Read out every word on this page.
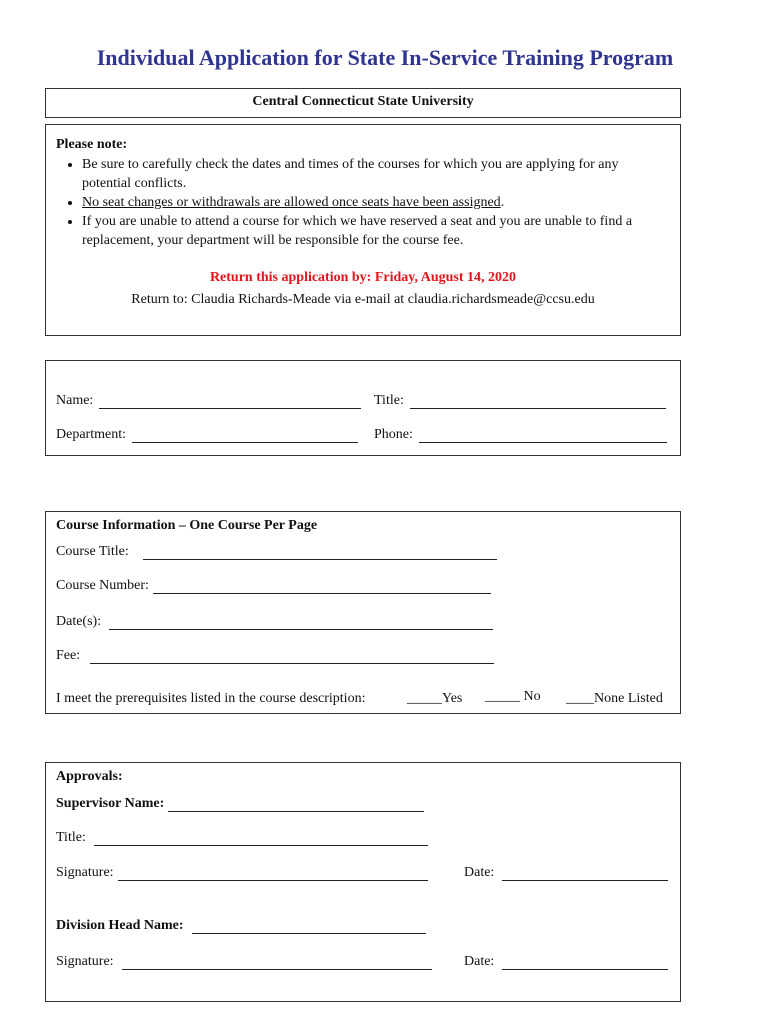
Individual Application for State In-Service Training Program
Central Connecticut State University
Please note:
• Be sure to carefully check the dates and times of the courses for which you are applying for any potential conflicts.
• No seat changes or withdrawals are allowed once seats have been assigned.
• If you are unable to attend a course for which we have reserved a seat and you are unable to find a replacement, your department will be responsible for the course fee.
Return this application by: Friday, August 14, 2020
Return to: Claudia Richards-Meade via e-mail at claudia.richardsmeade@ccsu.edu
Name:	Title:
Department:	Phone:
Course Information – One Course Per Page
Course Title:
Course Number:
Date(s):
Fee:
I meet the prerequisites listed in the course description:	_____Yes _____ No ____None Listed
Approvals:
Supervisor Name:
Title:
Signature:	Date:
Division Head Name:
Signature:	Date:
